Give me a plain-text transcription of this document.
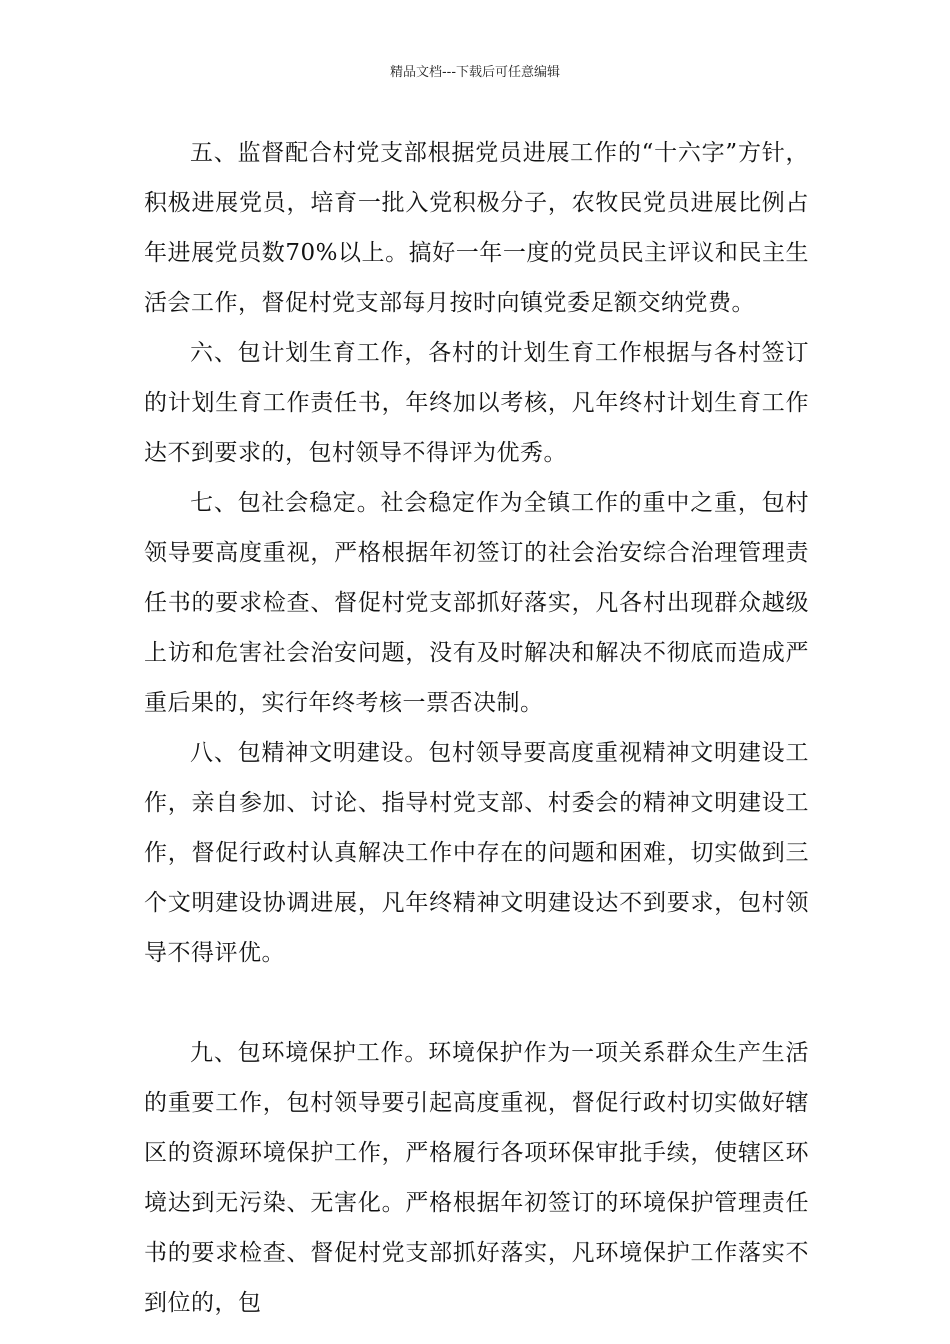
精品文档---下载后可任意编辑

五、监督配合村党支部根据党员进展工作的“十六字”方针，积极进展党员，培育一批入党积极分子，农牧民党员进展比例占年进展党员数70%以上。搞好一年一度的党员民主评议和民主生活会工作，督促村党支部每月按时向镇党委足额交纳党费。

六、包计划生育工作，各村的计划生育工作根据与各村签订的计划生育工作责任书，年终加以考核，凡年终村计划生育工作达不到要求的，包村领导不得评为优秀。

七、包社会稳定。社会稳定作为全镇工作的重中之重，包村领导要高度重视，严格根据年初签订的社会治安综合治理管理责任书的要求检查、督促村党支部抓好落实，凡各村出现群众越级上访和危害社会治安问题，没有及时解决和解决不彻底而造成严重后果的，实行年终考核一票否决制。

八、包精神文明建设。包村领导要高度重视精神文明建设工作，亲自参加、讨论、指导村党支部、村委会的精神文明建设工作，督促行政村认真解决工作中存在的问题和困难，切实做到三个文明建设协调进展，凡年终精神文明建设达不到要求，包村领导不得评优。

九、包环境保护工作。环境保护作为一项关系群众生产生活的重要工作，包村领导要引起高度重视，督促行政村切实做好辖区的资源环境保护工作，严格履行各项环保审批手续，使辖区环境达到无污染、无害化。严格根据年初签订的环境保护管理责任书的要求检查、督促村党支部抓好落实，凡环境保护工作落实不到位的，包
